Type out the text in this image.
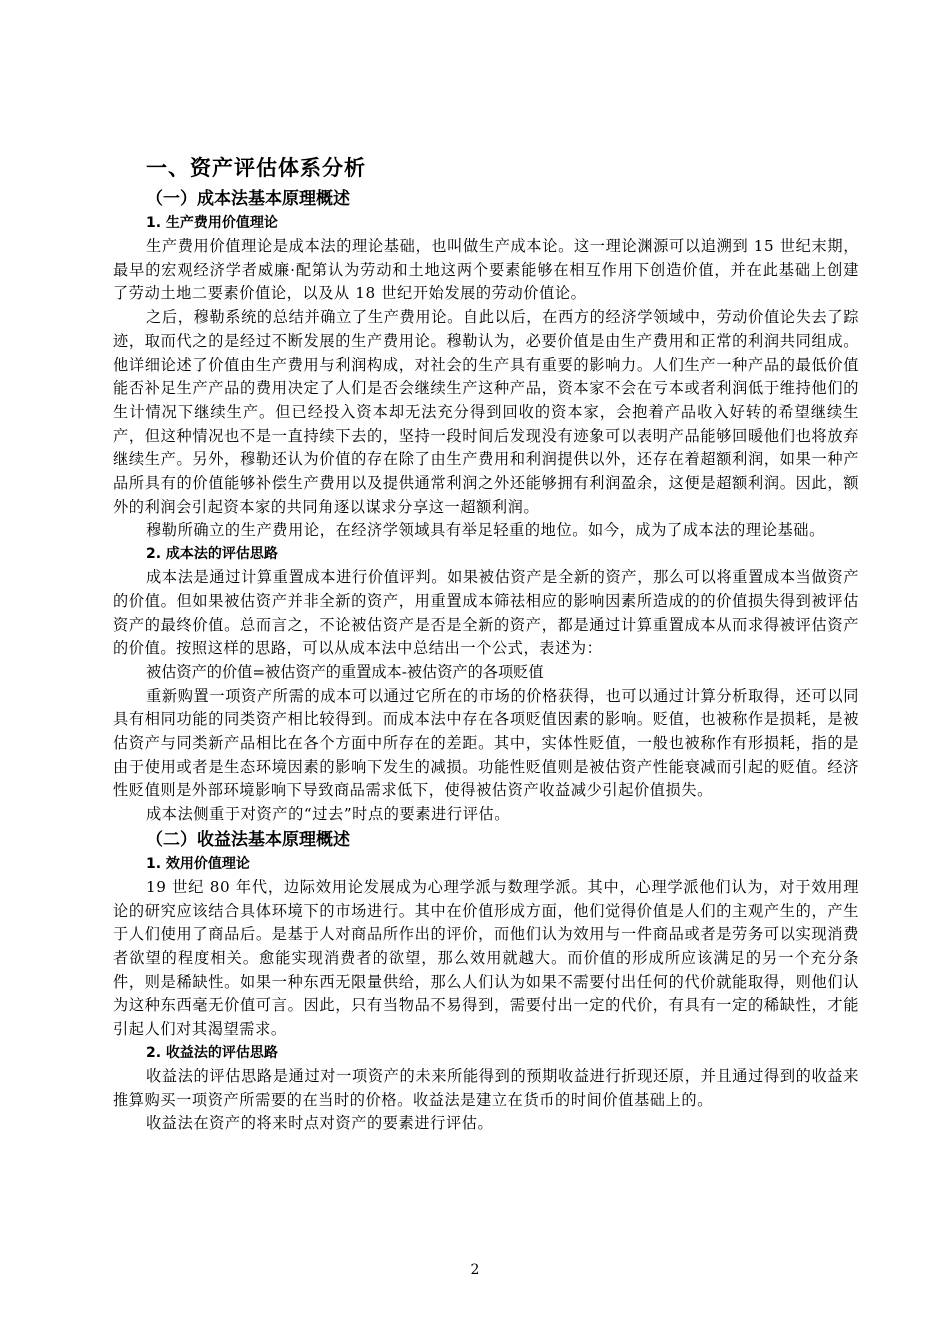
一、资产评估体系分析
（一）成本法基本原理概述
1. 生产费用价值理论

生产费用价值理论是成本法的理论基础，也叫做生产成本论。这一理论渊源可以追溯到 15 世纪末期，最早的宏观经济学者威廉·配第认为劳动和土地这两个要素能够在相互作用下创造价值，并在此基础上创建了劳动土地二要素价值论，以及从 18 世纪开始发展的劳动价值论。

之后，穆勒系统的总结并确立了生产费用论。自此以后，在西方的经济学领域中，劳动价值论失去了踪迹，取而代之的是经过不断发展的生产费用论。穆勒认为，必要价值是由生产费用和正常的利润共同组成。他详细论述了价值由生产费用与利润构成，对社会的生产具有重要的影响力。人们生产一种产品的最低价值能否补足生产产品的费用决定了人们是否会继续生产这种产品，资本家不会在亏本或者利润低于维持他们的生计情况下继续生产。但已经投入资本却无法充分得到回收的资本家，会抱着产品收入好转的希望继续生产，但这种情况也不是一直持续下去的，坚持一段时间后发现没有迹象可以表明产品能够回暖他们也将放弃继续生产。另外，穆勒还认为价值的存在除了由生产费用和利润提供以外，还存在着超额利润，如果一种产品所具有的价值能够补偿生产费用以及提供通常利润之外还能够拥有利润盈余，这便是超额利润。因此，额外的利润会引起资本家的共同角逐以谋求分享这一超额利润。

穆勒所确立的生产费用论，在经济学领域具有举足轻重的地位。如今，成为了成本法的理论基础。

2. 成本法的评估思路

成本法是通过计算重置成本进行价值评判。如果被估资产是全新的资产，那么可以将重置成本当做资产的价值。但如果被估资产并非全新的资产，用重置成本筛祛相应的影响因素所造成的的价值损失得到被评估资产的最终价值。总而言之，不论被估资产是否是全新的资产，都是通过计算重置成本从而求得被评估资产的价值。按照这样的思路，可以从成本法中总结出一个公式，表述为：

被估资产的价值=被估资产的重置成本-被估资产的各项贬值

重新购置一项资产所需的成本可以通过它所在的市场的价格获得，也可以通过计算分析取得，还可以同具有相同功能的同类资产相比较得到。而成本法中存在各项贬值因素的影响。贬值，也被称作是损耗，是被估资产与同类新产品相比在各个方面中所存在的差距。其中，实体性贬值，一般也被称作有形损耗，指的是由于使用或者是生态环境因素的影响下发生的减损。功能性贬值则是被估资产性能衰减而引起的贬值。经济性贬值则是外部环境影响下导致商品需求低下，使得被估资产收益减少引起价值损失。

成本法侧重于对资产的“过去”时点的要素进行评估。

（二）收益法基本原理概述
1. 效用价值理论

19 世纪 80 年代，边际效用论发展成为心理学派与数理学派。其中，心理学派他们认为，对于效用理论的研究应该结合具体环境下的市场进行。其中在价值形成方面，他们觉得价值是人们的主观产生的，产生于人们使用了商品后。是基于人对商品所作出的评价，而他们认为效用与一件商品或者是劳务可以实现消费者欲望的程度相关。愈能实现消费者的欲望，那么效用就越大。而价值的形成所应该满足的另一个充分条件，则是稀缺性。如果一种东西无限量供给，那么人们认为如果不需要付出任何的代价就能取得，则他们认为这种东西毫无价值可言。因此，只有当物品不易得到，需要付出一定的代价，有具有一定的稀缺性，才能引起人们对其渴望需求。

2. 收益法的评估思路

收益法的评估思路是通过对一项资产的未来所能得到的预期收益进行折现还原，并且通过得到的收益来推算购买一项资产所需要的在当时的价格。收益法是建立在货币的时间价值基础上的。

收益法在资产的将来时点对资产的要素进行评估。

2
